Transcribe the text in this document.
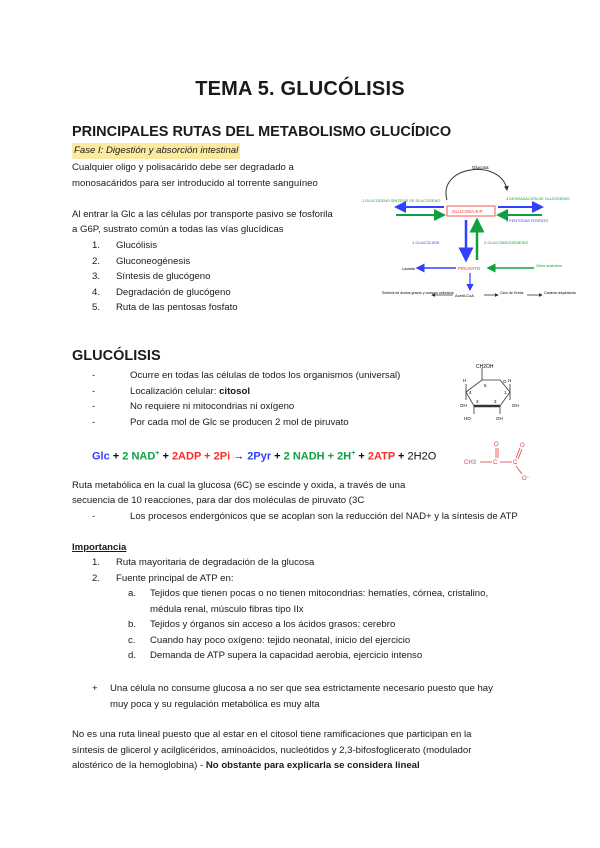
TEMA 5. GLUCÓLISIS
PRINCIPALES RUTAS DEL METABOLISMO GLUCÍDICO
Fase I: Digestión y absorción intestinal
Cualquier oligo y polisacárido debe ser degradado a
monosacáridos para ser introducido al torrente sanguíneo
Al entrar la Glc a las células por transporte pasivo se fosforila
a G6P, sustrato común a todas las vías glucídicas
1. Glucólisis
2. Gluconeogénesis
3. Síntesis de glucógeno
4. Degradación de glucógeno
5. Ruta de las pentosas fosfato
Glucosa
GLUCOSA-6-P
1 GLUCÓGENO SÍNTESIS DE GLUCÓGENO	4 DEGRADACIÓN DE GLUCÓGENO
5 PENTOSAS FOSFATO
1 GLUCÓLISIS	2 GLUCONEOGÉNESIS
PIRUVATO
Lactato	Otros sustratos
Acetil-CoA
Síntesis de ácidos grasos y cuerpos cetónicos	Ciclo de Krebs	Cadena respiratoria
GLUCÓLISIS
-	Ocurre en todas las células de todos los organismos (universal)
-	Localización celular: citosol
-	No requiere ni mitocondrias ni oxígeno
-	Por cada mol de Glc se producen 2 mol de piruvato
CH2OH
5
4
3	2
1
H
OH
HO
H
OH
OH
O
Glc + 2 NAD+ + 2ADP + 2Pi → 2Pyr + 2 NADH + 2H+ + 2ATP + 2H2O
CH3	C	C
O	O
O⁻
Ruta metabólica en la cual la glucosa (6C) se escinde y oxida, a través de una
secuencia de 10 reacciones, para dar dos moléculas de piruvato (3C
-	Los procesos endergónicos que se acoplan son la reducción del NAD+ y la síntesis de ATP
Importancia
1. Ruta mayoritaria de degradación de la glucosa
2. Fuente principal de ATP en:
a. Tejidos que tienen pocas o no tienen mitocondrias: hematíes, córnea, cristalino,
médula renal, músculo fibras tipo IIx
b. Tejidos y órganos sin acceso a los ácidos grasos: cerebro
c. Cuando hay poco oxígeno: tejido neonatal, inicio del ejercicio
d. Demanda de ATP supera la capacidad aerobia, ejercicio intenso
+ Una célula no consume glucosa a no ser que sea estrictamente necesario puesto que hay
muy poca y su regulación metabólica es muy alta
No es una ruta lineal puesto que al estar en el citosol tiene ramificaciones que participan en la
síntesis de glicerol y acilglicéridos, aminoácidos, nucleótidos y 2,3-bifosfoglicerato (modulador
alostérico de la hemoglobina) - No obstante para explicarla se considera lineal
